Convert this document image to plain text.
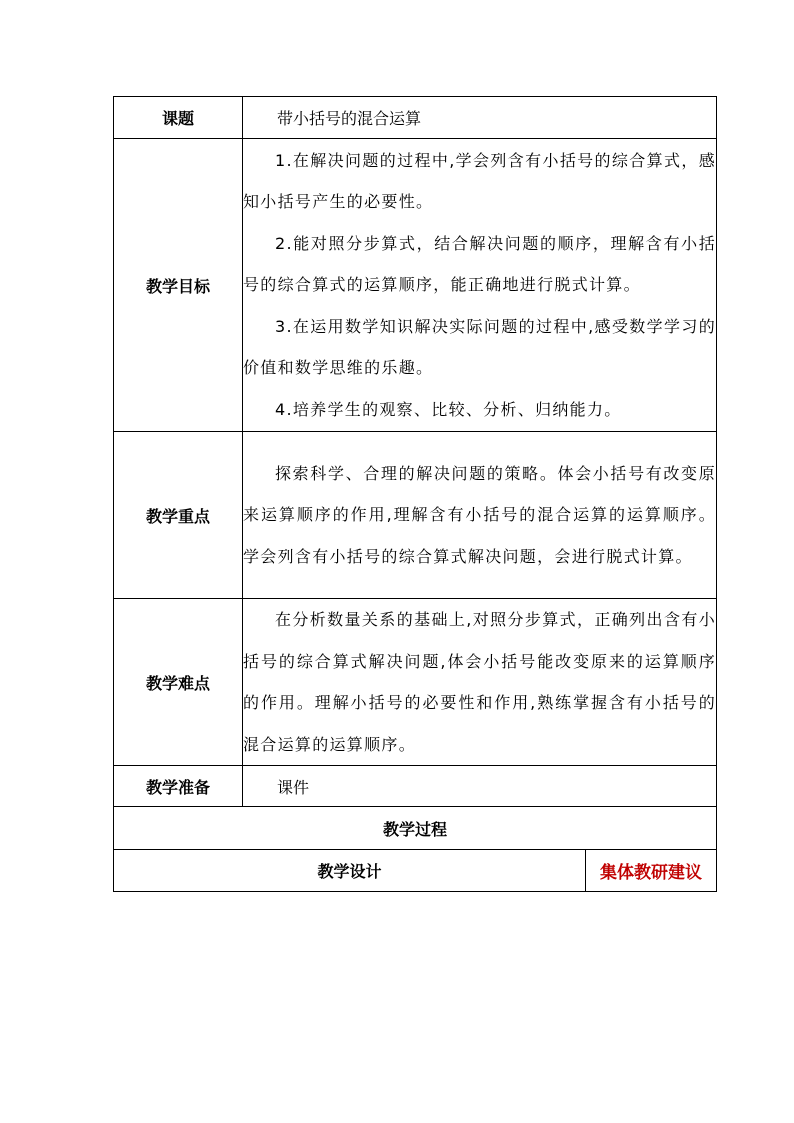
课题	带小括号的混合运算	
教学目标	1.在解决问题的过程中,学会列含有小括号的综合算式，感知小括号产生的必要性。

2.能对照分步算式，结合解决问题的顺序，理解含有小括号的综合算式的运算顺序，能正确地进行脱式计算。

3.在运用数学知识解决实际问题的过程中,感受数学学习的价值和数学思维的乐趣。

4.培养学生的观察、比较、分析、归纳能力。	

教学重点	探索科学、合理的解决问题的策略。体会小括号有改变原来运算顺序的作用,理解含有小括号的混合运算的运算顺序。学会列含有小括号的综合算式解决问题，会进行脱式计算。	

教学难点	在分析数量关系的基础上,对照分步算式，正确列出含有小括号的综合算式解决问题,体会小括号能改变原来的运算顺序的作用。理解小括号的必要性和作用,熟练掌握含有小括号的混合运算的运算顺序。	

教学准备	课件	
教学过程		
教学设计		集体教研建议
